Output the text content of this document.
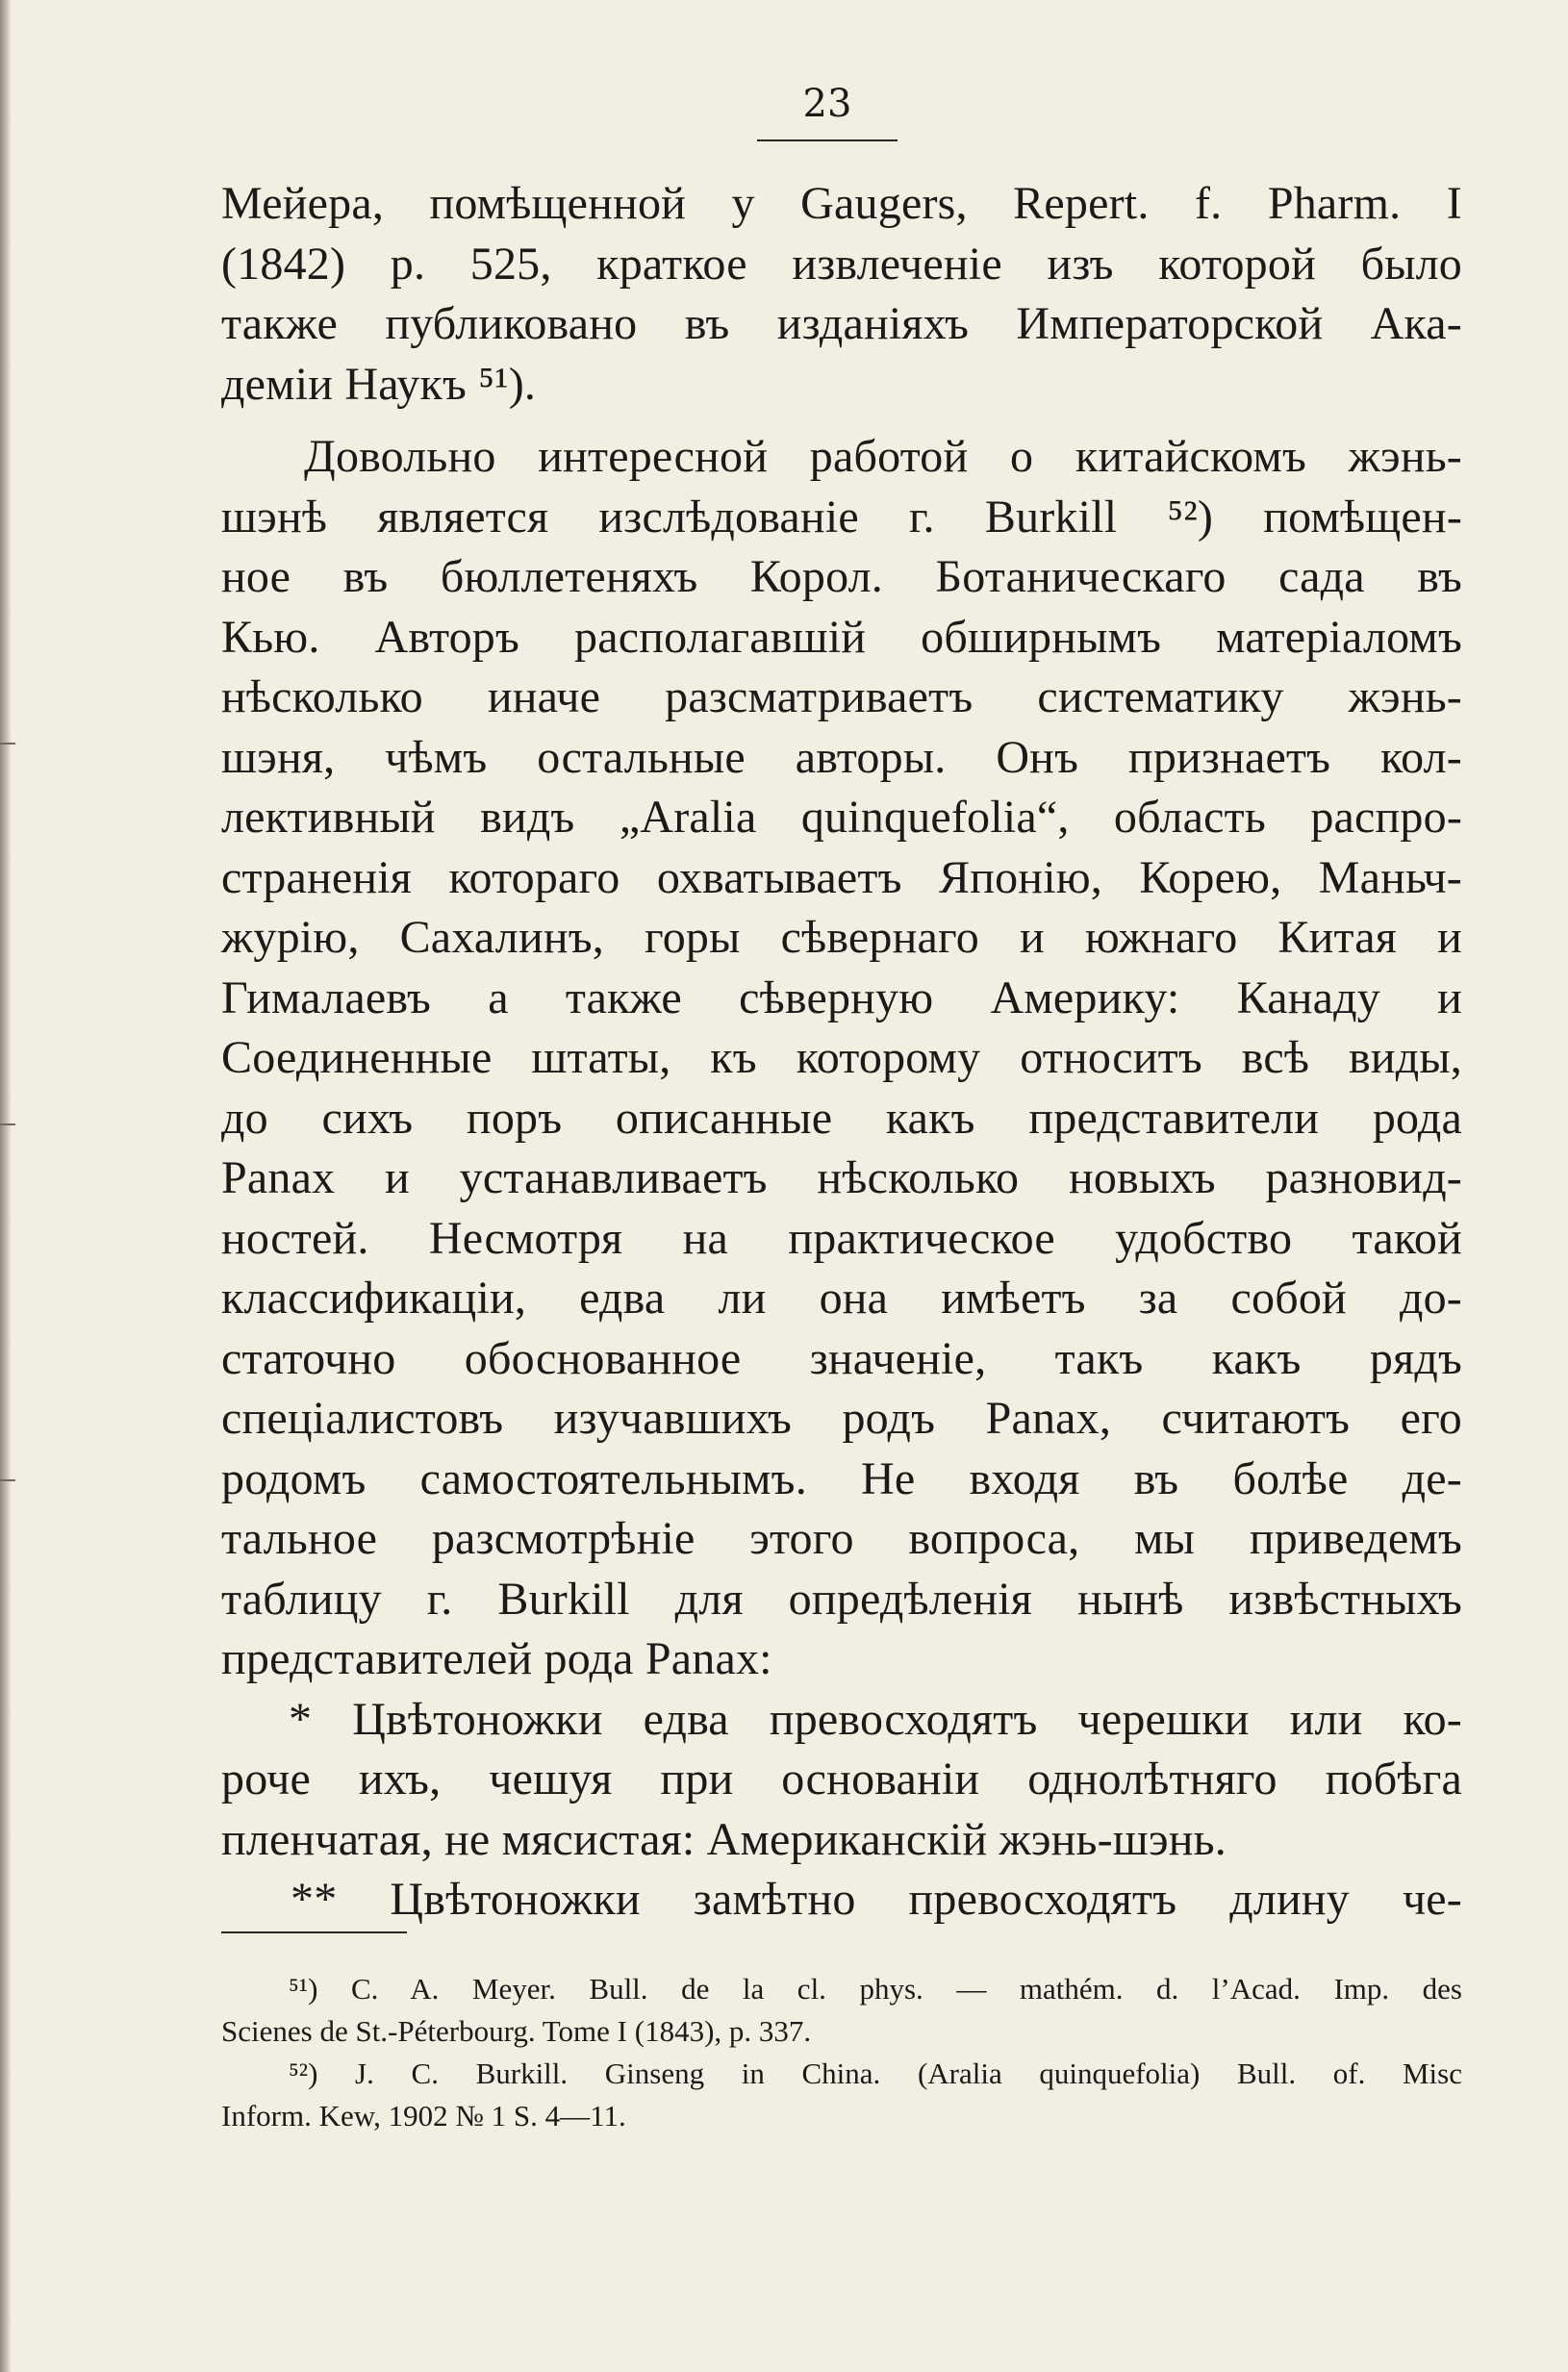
23
Мейера, помѣщенной у Gaugers, Repert. f. Pharm. I
(1842) p. 525, краткое извлеченіе изъ которой было
также публиковано въ изданіяхъ Императорской Ака-
деміи Наукъ ⁵¹).
Довольно интересной работой о китайскомъ жэнь-
шэнѣ является изслѣдованіе г. Burkill ⁵²) помѣщен-
ное въ бюллетеняхъ Корол. Ботаническаго сада въ
Кью. Авторъ располагавшій обширнымъ матеріаломъ
нѣсколько иначе разсматриваетъ систематику жэнь-
шэня, чѣмъ остальные авторы. Онъ признаетъ кол-
лективный видъ „Aralia quinquefolia“, область распро-
страненія котораго охватываетъ Японію, Корею, Маньч-
журію, Сахалинъ, горы сѣвернаго и южнаго Китая и
Гималаевъ а также сѣверную Америку: Канаду и
Соединенные штаты, къ которому относитъ всѣ виды,
до сихъ поръ описанные какъ представители рода
Panax и устанавливаетъ нѣсколько новыхъ разновид-
ностей. Несмотря на практическое удобство такой
классификаціи, едва ли она имѣетъ за собой до-
статочно обоснованное значеніе, такъ какъ рядъ
спеціалистовъ изучавшихъ родъ Panax, считаютъ его
родомъ самостоятельнымъ. Не входя въ болѣе де-
тальное разсмотрѣніе этого вопроса, мы приведемъ
таблицу г. Burkill для опредѣленія нынѣ извѣстныхъ
представителей рода Panax:
* Цвѣтоножки едва превосходятъ черешки или ко-
роче ихъ, чешуя при основаніи однолѣтняго побѣга
пленчатая, не мясистая: Американскій жэнь-шэнь.
** Цвѣтоножки замѣтно превосходятъ длину че-
⁵¹) C. A. Meyer. Bull. de la cl. phys. — mathém. d. l’Acad. Imp. des
Scienes de St.-Péterbourg. Tome I (1843), p. 337.
⁵²) J. C. Burkill. Ginseng in China. (Aralia quinquefolia) Bull. of. Misc
Inform. Kew, 1902 № 1 S. 4—11.
